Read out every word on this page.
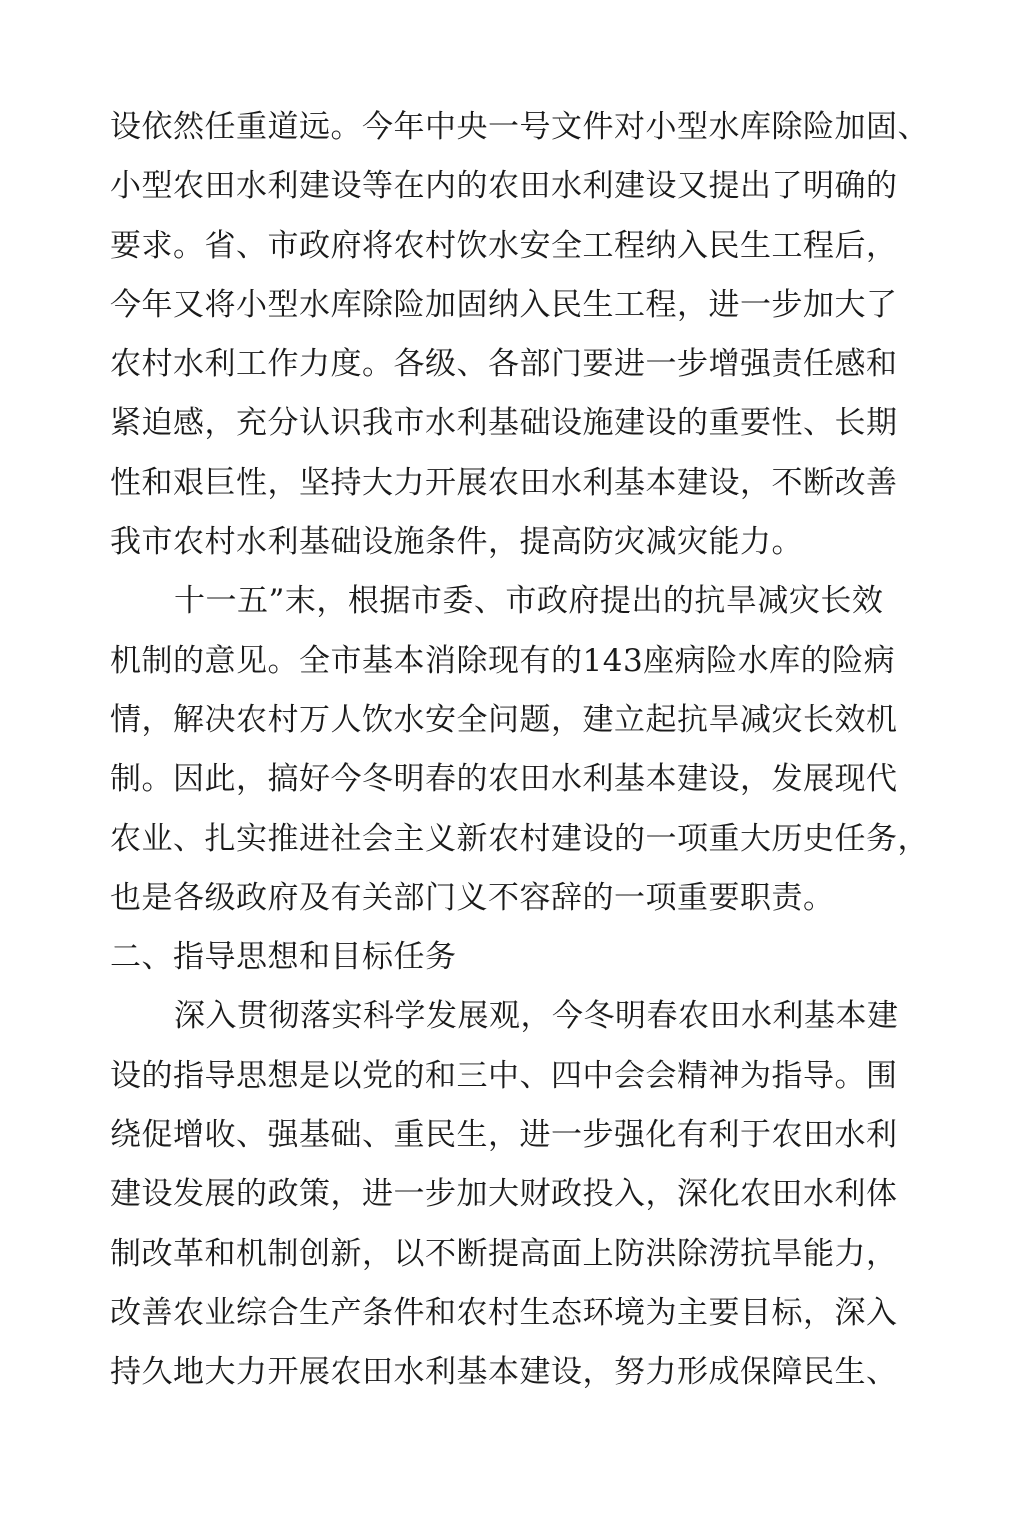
设依然任重道远。今年中央一号文件对小型水库除险加固、
小型农田水利建设等在内的农田水利建设又提出了明确的
要求。省、市政府将农村饮水安全工程纳入民生工程后，
今年又将小型水库除险加固纳入民生工程，进一步加大了
农村水利工作力度。各级、各部门要进一步增强责任感和
紧迫感，充分认识我市水利基础设施建设的重要性、长期
性和艰巨性，坚持大力开展农田水利基本建设，不断改善
我市农村水利基础设施条件，提高防灾减灾能力。
十一五”末，根据市委、市政府提出的抗旱减灾长效
机制的意见。全市基本消除现有的143座病险水库的险病
情，解决农村万人饮水安全问题，建立起抗旱减灾长效机
制。因此，搞好今冬明春的农田水利基本建设，发展现代
农业、扎实推进社会主义新农村建设的一项重大历史任务，
也是各级政府及有关部门义不容辞的一项重要职责。
二、指导思想和目标任务
深入贯彻落实科学发展观，今冬明春农田水利基本建
设的指导思想是以党的和三中、四中会会精神为指导。围
绕促增收、强基础、重民生，进一步强化有利于农田水利
建设发展的政策，进一步加大财政投入，深化农田水利体
制改革和机制创新，以不断提高面上防洪除涝抗旱能力，
改善农业综合生产条件和农村生态环境为主要目标，深入
持久地大力开展农田水利基本建设，努力形成保障民生、
